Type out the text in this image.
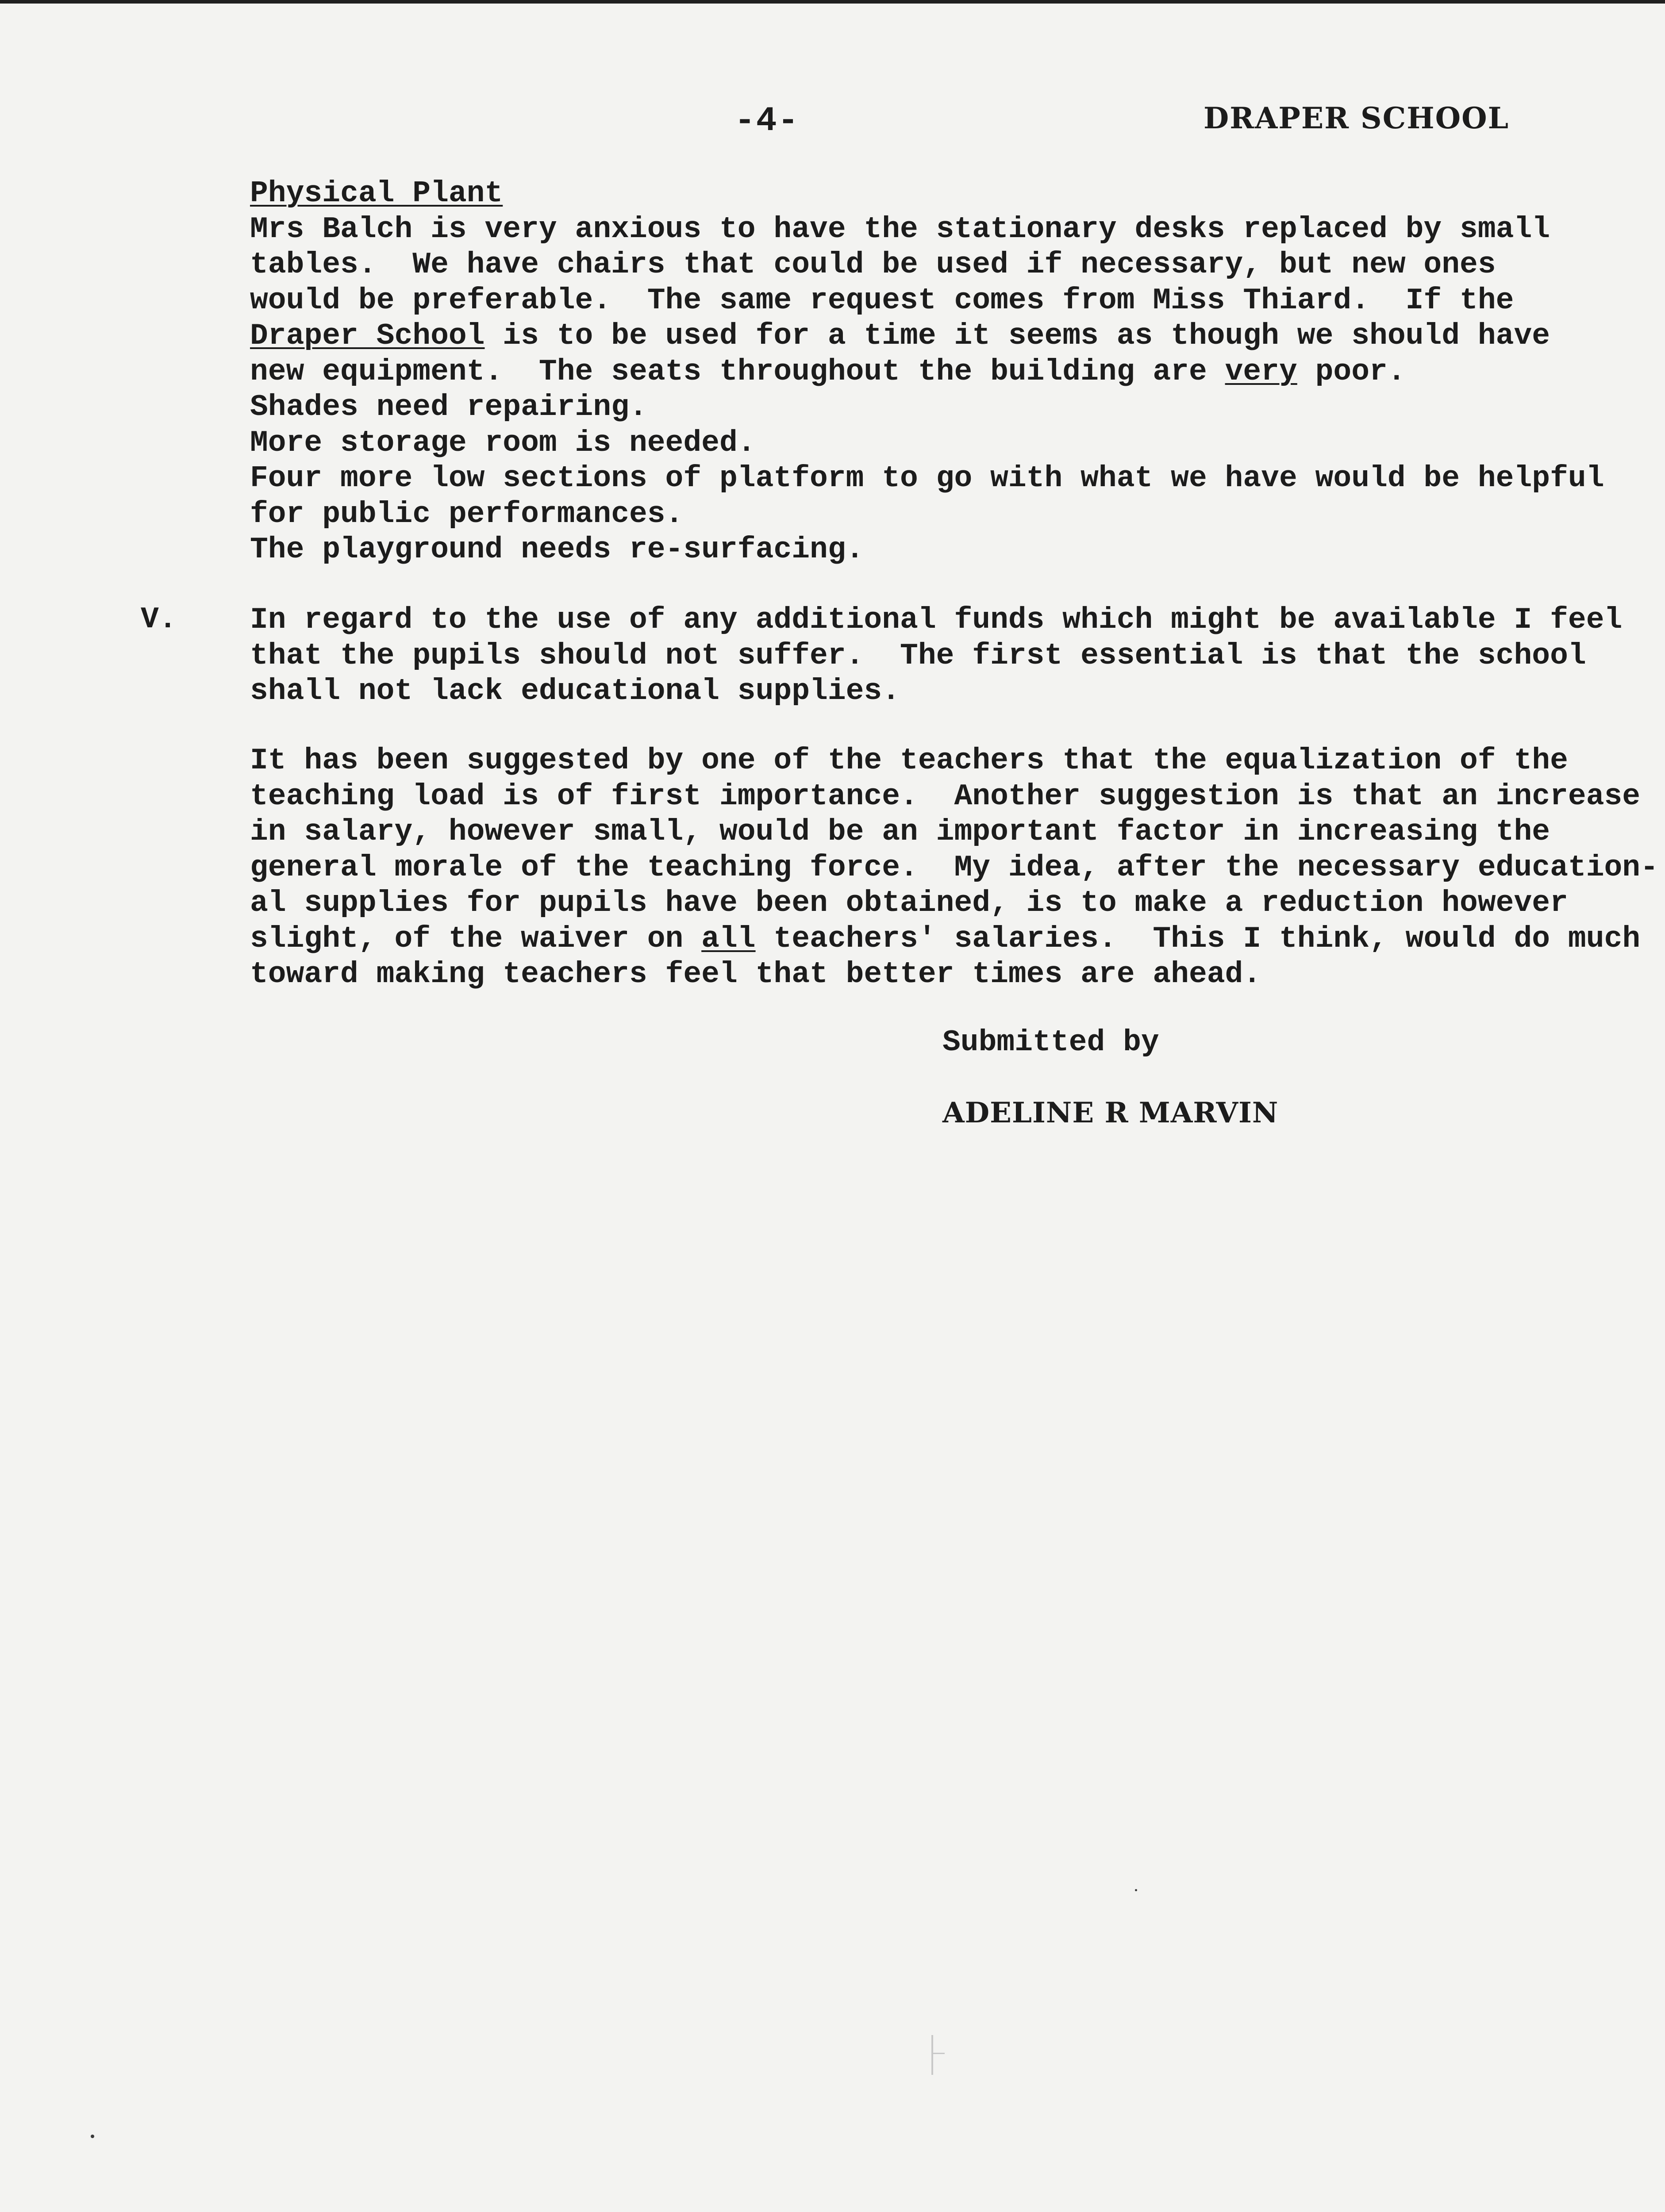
-4-	DRAPER SCHOOL
Physical Plant
Mrs Balch is very anxious to have the stationary desks replaced by small
tables.  We have chairs that could be used if necessary, but new ones
would be preferable.  The same request comes from Miss Thiard.  If the
Draper School is to be used for a time it seems as though we should have
new equipment.  The seats throughout the building are very poor.
Shades need repairing.
More storage room is needed.
Four more low sections of platform to go with what we have would be helpful
for public performances.
The playground needs re-surfacing.
V. In regard to the use of any additional funds which might be available I feel
that the pupils should not suffer.  The first essential is that the school
shall not lack educational supplies.
It has been suggested by one of the teachers that the equalization of the
teaching load is of first importance.  Another suggestion is that an increase
in salary, however small, would be an important factor in increasing the
general morale of the teaching force.  My idea, after the necessary education-
al supplies for pupils have been obtained, is to make a reduction however
slight, of the waiver on all teachers' salaries.  This I think, would do much
toward making teachers feel that better times are ahead.
Submitted by
ADELINE R MARVIN
